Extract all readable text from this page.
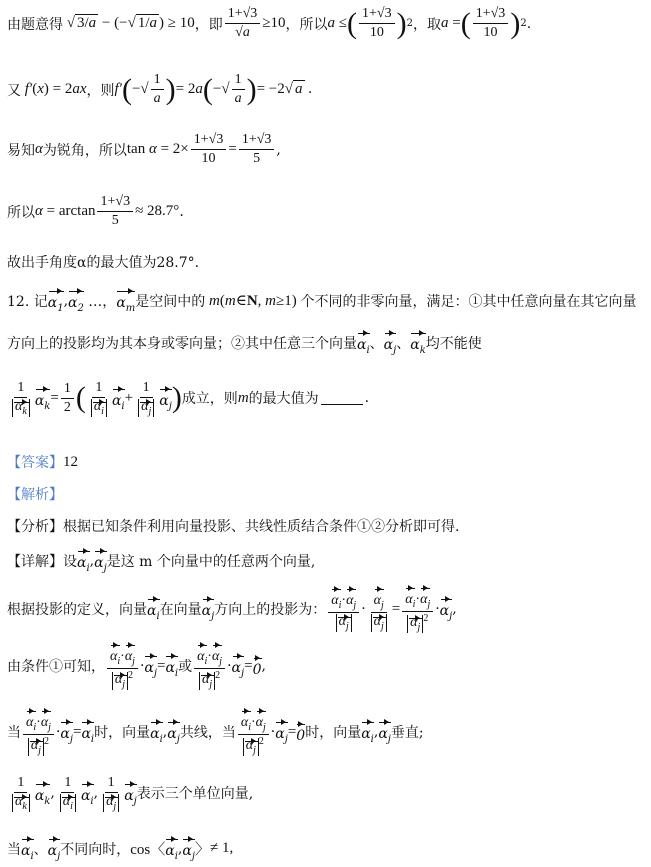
由题意得 √ 3/a − (−√ 1/a ) ≥ 10 ，即 $\frac{1+√3}{√a} \ge 10$ ，所以 a ≤ ( $\frac{1+√3}{10}$ ) 2 ，取 a = ( $\frac{1+√3}{10}$ ) 2 .
又 f′(x) = 2ax ，则 f′ ( −√ $\frac{1}{a}$ ) = 2a ( −√ $\frac{1}{a}$ ) = −2√ a .
易知 α 为锐角，所以 $\tan \alpha = 2\times \frac{1+√3}{10} = \frac{1+√3}{5}$ ,
所以 $\alpha = \arctan \frac{1+√3}{5} \approx 28.7^\circ$ .
故出手角度α的最大值为28.7°.
12. 记 $\alpha_1$ , $\alpha_2$ …， $\alpha_m$ 是空间中的 m(m∈N, m≥1) 个不同的非零向量，满足：①其中任意向量在其它向量
方向上的投影均为其本身或零向量；②其中任意三个向量 $\alpha_i$ 、 $\alpha_j$ 、 $\alpha_k$ 均不能使
$\frac{1}{\alpha_k} \alpha_k = \frac{1}{2}$ ( $\frac{1}{\alpha_i} \alpha_i + \frac{1}{\alpha_j} \alpha_j$ ) 成立，则 m 的最大值为	.
【答案】 12
【解析】
【分析】根据已知条件利用向量投影、共线性质结合条件①②分析即可得.
【详解】设 $\alpha_i$ , $\alpha_j$ 是这 m 个向量中的任意两个向量,
根据投影的定义，向量 $\alpha_i$ 在向量 $\alpha_j$ 方向上的投影为： $\frac{\alpha_i\cdot\alpha_j}{\alpha_j} \cdot \frac{\alpha_j}{\alpha_j} = \frac{\alpha_i\cdot\alpha_j}{\alpha_j^2} \cdot \alpha_j$ ,
由条件①可知， $\frac{\alpha_i\cdot\alpha_j}{\alpha_j^2} \cdot \alpha_j = \alpha_i$ 或 $\frac{\alpha_i\cdot\alpha_j}{\alpha_j^2} \cdot \alpha_j = 0$ ,
当 $\frac{\alpha_i\cdot\alpha_j}{\alpha_j^2} \cdot \alpha_j = \alpha_i$ 时，向量 $\alpha_i$ , $\alpha_j$ 共线，当 $\frac{\alpha_i\cdot\alpha_j}{\alpha_j^2} \cdot \alpha_j = 0$ 时，向量 $\alpha_i$ , $\alpha_j$ 垂直;
$\frac{1}{\alpha_k} \alpha_k$ , $\frac{1}{\alpha_i} \alpha_i$ , $\frac{1}{\alpha_j} \alpha_j$ 表示三个单位向量,
当 $\alpha_i$ 、 $\alpha_j$ 不同向时， cos〈 $\alpha_i$ , $\alpha_j$ 〉 ≠ 1,
